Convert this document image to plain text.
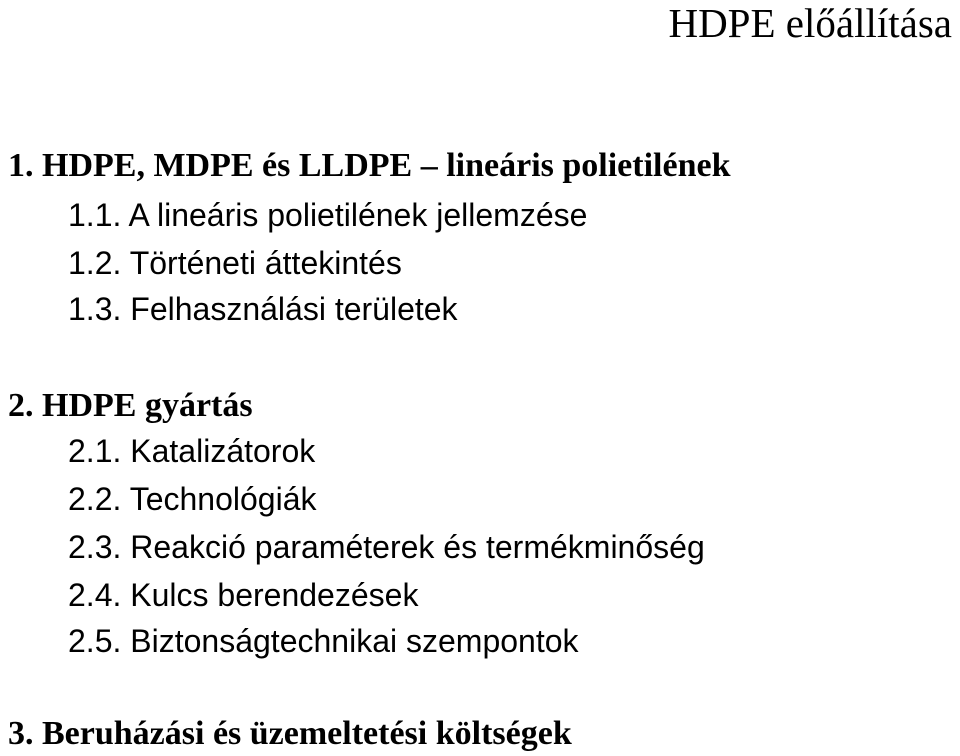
HDPE előállítása
1. HDPE, MDPE és LLDPE – lineáris polietilének

1.1. A lineáris polietilének jellemzése

1.2. Történeti áttekintés

1.3. Felhasználási területek

2. HDPE gyártás

2.1. Katalizátorok

2.2. Technológiák

2.3. Reakció paraméterek és termékminőség

2.4. Kulcs berendezések

2.5. Biztonságtechnikai szempontok

3. Beruházási és üzemeltetési költségek
